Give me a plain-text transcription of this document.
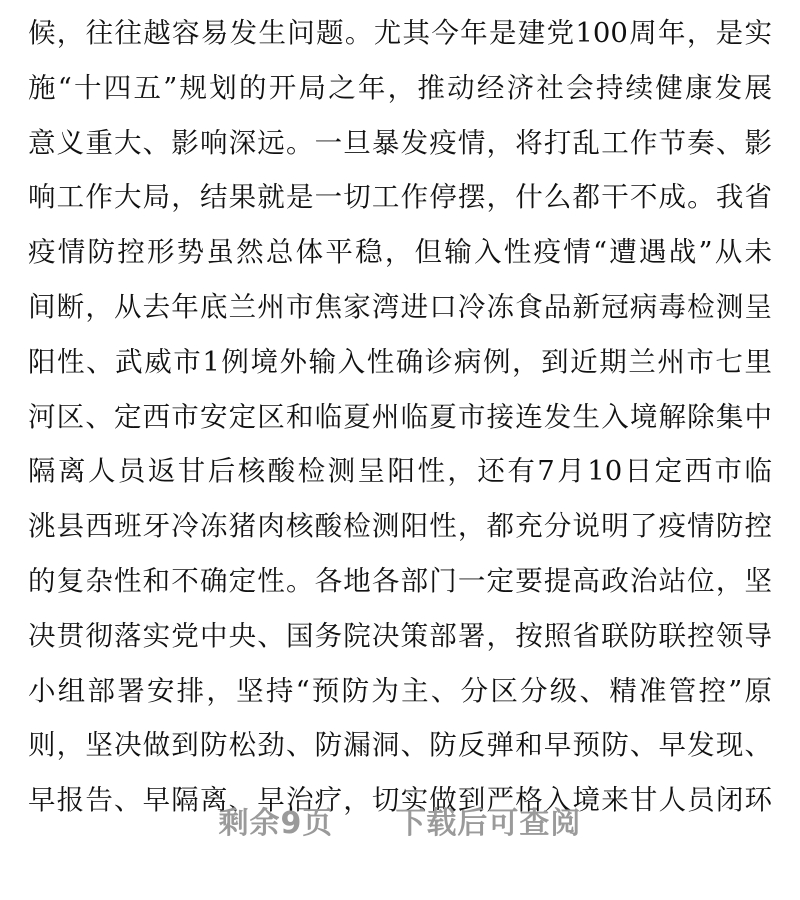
候，往往越容易发生问题。尤其今年是建党100周年，是实
施“十四五”规划的开局之年，推动经济社会持续健康发展
意义重大、影响深远。一旦暴发疫情，将打乱工作节奏、影
响工作大局，结果就是一切工作停摆，什么都干不成。我省
疫情防控形势虽然总体平稳，但输入性疫情“遭遇战”从未
间断，从去年底兰州市焦家湾进口冷冻食品新冠病毒检测呈
阳性、武威市1例境外输入性确诊病例，到近期兰州市七里
河区、定西市安定区和临夏州临夏市接连发生入境解除集中
隔离人员返甘后核酸检测呈阳性，还有7月10日定西市临
洮县西班牙冷冻猪肉核酸检测阳性，都充分说明了疫情防控
的复杂性和不确定性。各地各部门一定要提高政治站位，坚
决贯彻落实党中央、国务院决策部署，按照省联防联控领导
小组部署安排，坚持“预防为主、分区分级、精准管控”原
则，坚决做到防松劲、防漏洞、防反弹和早预防、早发现、
早报告、早隔离、早治疗，切实做到严格入境来甘人员闭环
剩余9页 下载后可查阅
